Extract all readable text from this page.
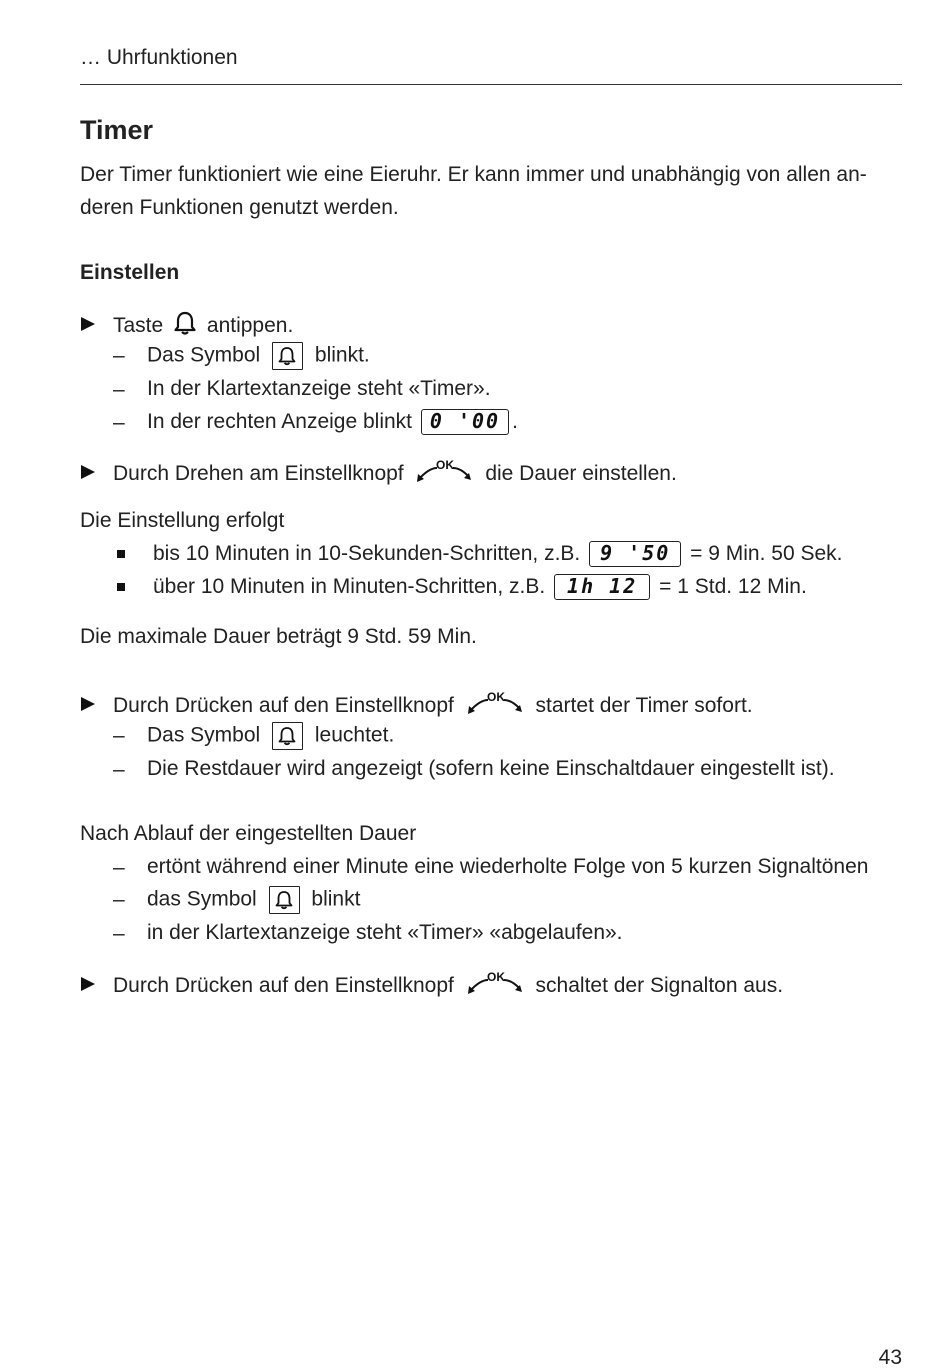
… Uhrfunktionen
Timer
Der Timer funktioniert wie eine Eieruhr. Er kann immer und unabhängig von allen an-
deren Funktionen genutzt werden.
Einstellen
Taste antippen.
– Das Symbol	blinkt.
– In der Klartextanzeige steht «Timer».
– In der rechten Anzeige blinkt 0 '00 .
Durch Drehen am Einstellknopf	OK die Dauer einstellen.
Die Einstellung erfolgt
bis 10 Minuten in 10-Sekunden-Schritten, z.B. 9 '50 = 9 Min. 50 Sek.
über 10 Minuten in Minuten-Schritten, z.B. 1h 12 = 1 Std. 12 Min.
Die maximale Dauer beträgt 9 Std. 59 Min.
Durch Drücken auf den Einstellknopf	OK startet der Timer sofort.
– Das Symbol	leuchtet.
– Die Restdauer wird angezeigt (sofern keine Einschaltdauer eingestellt ist).
Nach Ablauf der eingestellten Dauer
– ertönt während einer Minute eine wiederholte Folge von 5 kurzen Signaltönen
– das Symbol	blinkt
– in der Klartextanzeige steht «Timer» «abgelaufen».
Durch Drücken auf den Einstellknopf	OK schaltet der Signalton aus.
43
